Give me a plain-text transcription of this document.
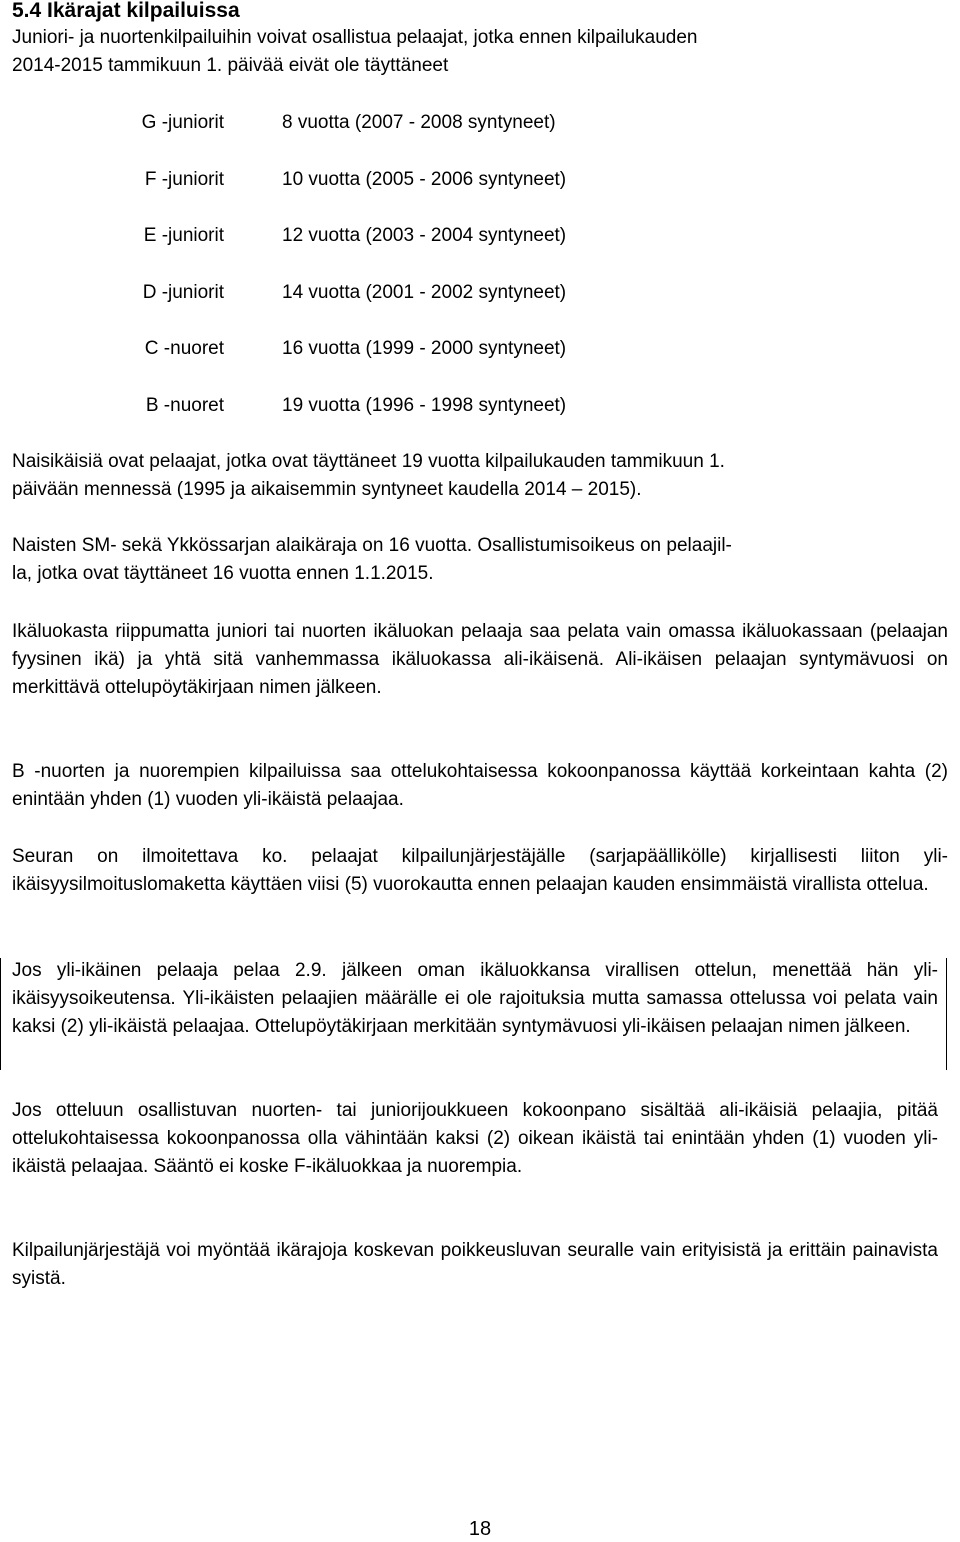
5.4 Ikärajat kilpailuissa

Juniori- ja nuortenkilpailuihin voivat osallistua pelaajat, jotka ennen kilpailukauden

2014-2015 tammikuun 1. päivää eivät ole täyttäneet

G -juniorit	8 vuotta (2007 - 2008 syntyneet)
F -juniorit	10 vuotta (2005 - 2006 syntyneet)
E -juniorit	12 vuotta (2003 - 2004 syntyneet)
D -juniorit	14 vuotta (2001 - 2002 syntyneet)
C -nuoret	16 vuotta (1999 - 2000 syntyneet)
B -nuoret	19 vuotta (1996 - 1998 syntyneet)

Naisikäisiä ovat pelaajat, jotka ovat täyttäneet 19 vuotta kilpailukauden tammikuun 1.

päivään mennessä (1995 ja aikaisemmin syntyneet kaudella 2014 – 2015).

Naisten SM- sekä Ykkössarjan alaikäraja on 16 vuotta. Osallistumisoikeus on pelaajil-

la, jotka ovat täyttäneet 16 vuotta ennen 1.1.2015.

Ikäluokasta riippumatta juniori tai nuorten ikäluokan pelaaja saa pelata vain omassa ikäluokassaan (pelaajan fyysinen ikä) ja yhtä sitä vanhemmassa ikäluokassa ali-ikäisenä. Ali-ikäisen pelaajan syntymävuosi on merkittävä ottelupöytäkirjaan nimen jälkeen.

B -nuorten ja nuorempien kilpailuissa saa ottelukohtaisessa kokoonpanossa käyttää korkeintaan kahta (2) enintään yhden (1) vuoden yli-ikäistä pelaajaa.

Seuran on ilmoitettava ko. pelaajat kilpailunjärjestäjälle (sarjapäällikölle) kirjallisesti liiton yli-ikäisyysilmoituslomaketta käyttäen viisi (5) vuorokautta ennen pelaajan kauden ensimmäistä virallista ottelua.

Jos yli-ikäinen pelaaja pelaa 2.9. jälkeen oman ikäluokkansa virallisen ottelun, menettää hän yli-ikäisyysoikeutensa. Yli-ikäisten pelaajien määrälle ei ole rajoituksia mutta samassa ottelussa voi pelata vain kaksi (2) yli-ikäistä pelaajaa. Ottelupöytäkirjaan merkitään syntymävuosi yli-ikäisen pelaajan nimen jälkeen.

Jos otteluun osallistuvan nuorten- tai juniorijoukkueen kokoonpano sisältää ali-ikäisiä pelaajia, pitää ottelukohtaisessa kokoonpanossa olla vähintään kaksi (2) oikean ikäistä tai enintään yhden (1) vuoden yli-ikäistä pelaajaa. Sääntö ei koske F-ikäluokkaa ja nuorempia.

Kilpailunjärjestäjä voi myöntää ikärajoja koskevan poikkeusluvan seuralle vain erityisistä ja erittäin painavista syistä.

18
